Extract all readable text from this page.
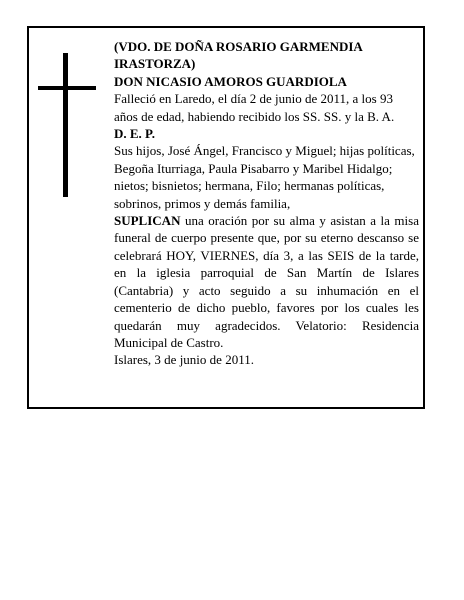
(VDO. DE DOÑA ROSARIO GARMENDIA IRASTORZA)

DON NICASIO AMOROS GUARDIOLA

Falleció en Laredo, el día 2 de junio de 2011, a los 93 años de edad, habiendo recibido los SS. SS. y la B. A.

D. E. P.

Sus hijos, José Ángel, Francisco y Miguel; hijas políticas, Begoña Iturriaga, Paula Pisabarro y Maribel Hidalgo; nietos; bisnietos; hermana, Filo; hermanas políticas, sobrinos, primos y demás familia,

SUPLICAN una oración por su alma y asistan a la misa funeral de cuerpo presente que, por su eterno descanso se celebrará HOY, VIERNES, día 3, a las SEIS de la tarde, en la iglesia parroquial de San Martín de Islares (Cantabria) y acto seguido a su inhumación en el cementerio de dicho pueblo, favores por los cuales les quedarán muy agradecidos. Velatorio: Residencia Municipal de Castro.

Islares, 3 de junio de 2011.
